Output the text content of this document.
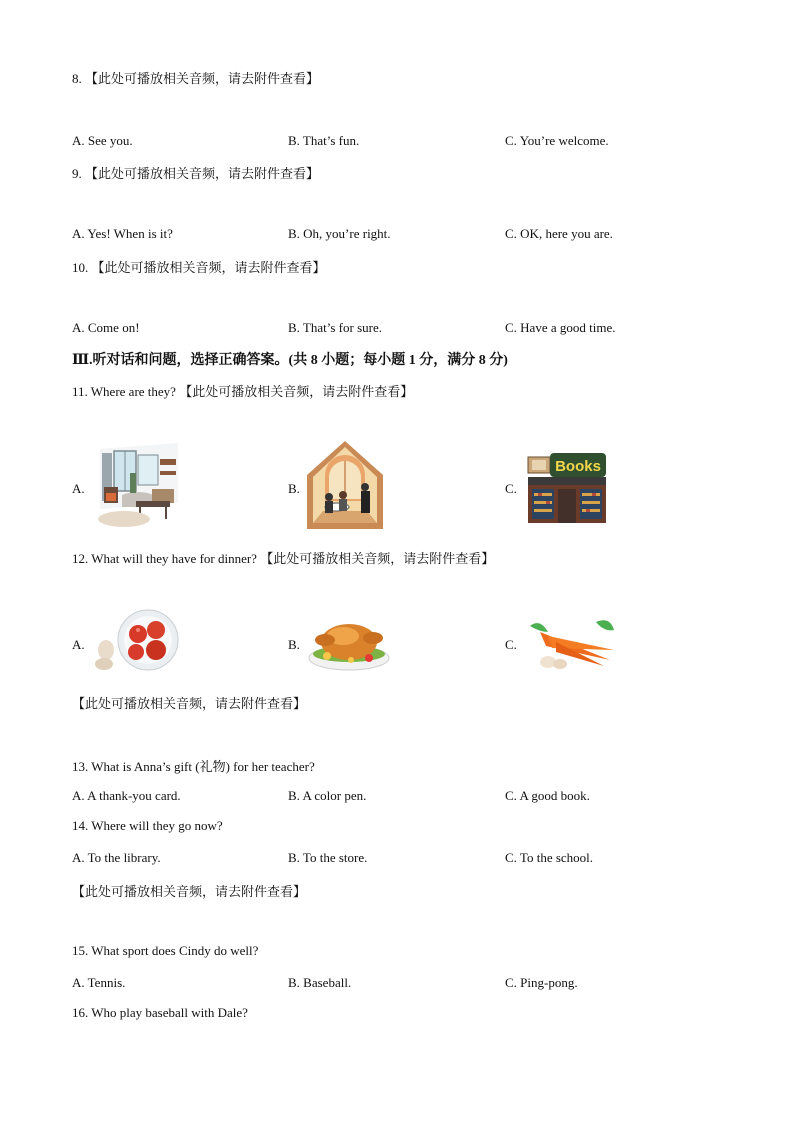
8. 【此处可播放相关音频，请去附件查看】
A. See you.	B. That’s fun.	C. You’re welcome.
9. 【此处可播放相关音频，请去附件查看】
A. Yes! When is it?	B. Oh, you’re right.	C. OK, here you are.
10. 【此处可播放相关音频，请去附件查看】
A. Come on!	B. That’s for sure.	C. Have a good time.
Ⅲ.听对话和问题，选择正确答案。(共 8 小题；每小题 1 分，满分 8 分)
11. Where are they? 【此处可播放相关音频，请去附件查看】
A.	B.	C.
Books
12. What will they have for dinner? 【此处可播放相关音频，请去附件查看】
A.	B.	C.
【此处可播放相关音频，请去附件查看】
13. What is Anna’s gift (礼物) for her teacher?
A. A thank-you card.	B. A color pen.	C. A good book.
14. Where will they go now?
A. To the library.	B. To the store.	C. To the school.
【此处可播放相关音频，请去附件查看】
15. What sport does Cindy do well?
A. Tennis.	B. Baseball.	C. Ping-pong.
16. Who play baseball with Dale?
